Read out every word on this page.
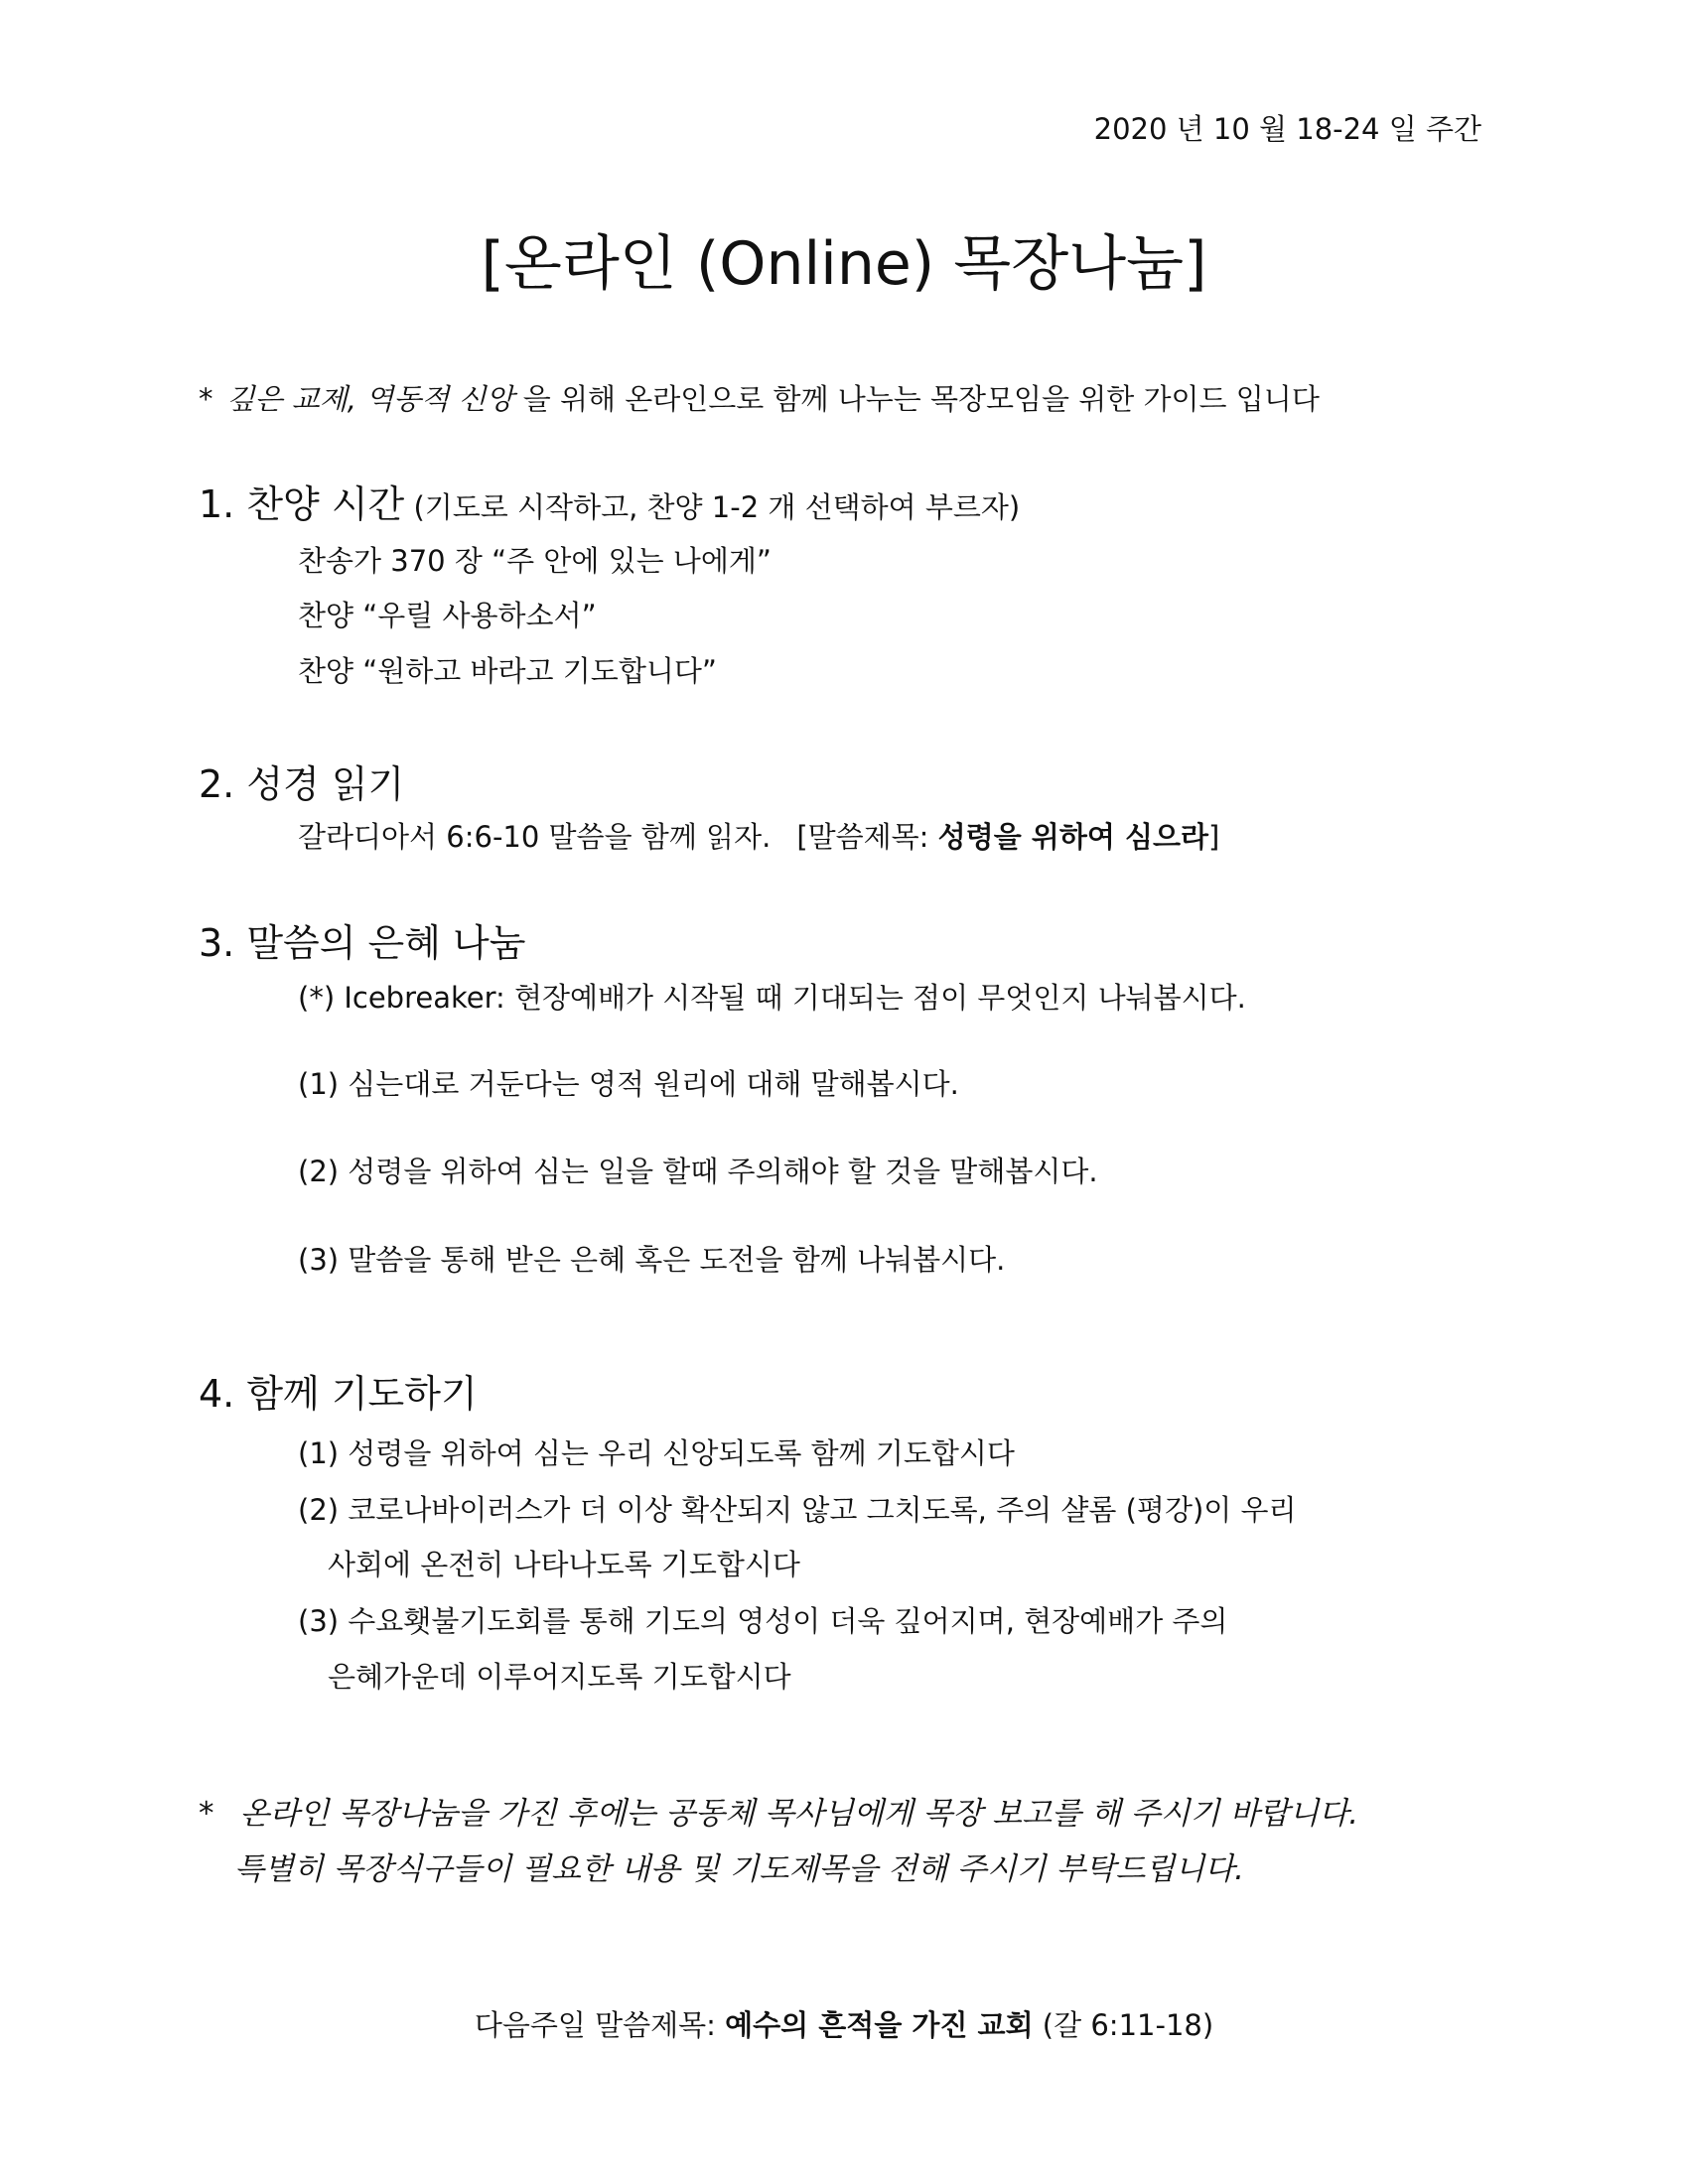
2020 년 10 월 18-24 일 주간
[온라인 (Online) 목장나눔]
* 깊은 교제, 역동적 신앙 을 위해 온라인으로 함께 나누는 목장모임을 위한 가이드 입니다
1. 찬양 시간 (기도로 시작하고, 찬양 1-2 개 선택하여 부르자)
찬송가 370 장 “주 안에 있는 나에게”
찬양 “우릴 사용하소서”
찬양 “원하고 바라고 기도합니다”
2. 성경 읽기
갈라디아서 6:6-10 말씀을 함께 읽자. [말씀제목: 성령을 위하여 심으라]
3. 말씀의 은혜 나눔
(*) Icebreaker: 현장예배가 시작될 때 기대되는 점이 무엇인지 나눠봅시다.
(1) 심는대로 거둔다는 영적 원리에 대해 말해봅시다.
(2) 성령을 위하여 심는 일을 할때 주의해야 할 것을 말해봅시다.
(3) 말씀을 통해 받은 은혜 혹은 도전을 함께 나눠봅시다.
4. 함께 기도하기
(1) 성령을 위하여 심는 우리 신앙되도록 함께 기도합시다
(2) 코로나바이러스가 더 이상 확산되지 않고 그치도록, 주의 샬롬 (평강)이 우리
사회에 온전히 나타나도록 기도합시다
(3) 수요횃불기도회를 통해 기도의 영성이 더욱 깊어지며, 현장예배가 주의
은혜가운데 이루어지도록 기도합시다
* 온라인 목장나눔을 가진 후에는 공동체 목사님에게 목장 보고를 해 주시기 바랍니다.
특별히 목장식구들이 필요한 내용 및 기도제목을 전해 주시기 부탁드립니다.
다음주일 말씀제목: 예수의 흔적을 가진 교회 (갈 6:11-18)
